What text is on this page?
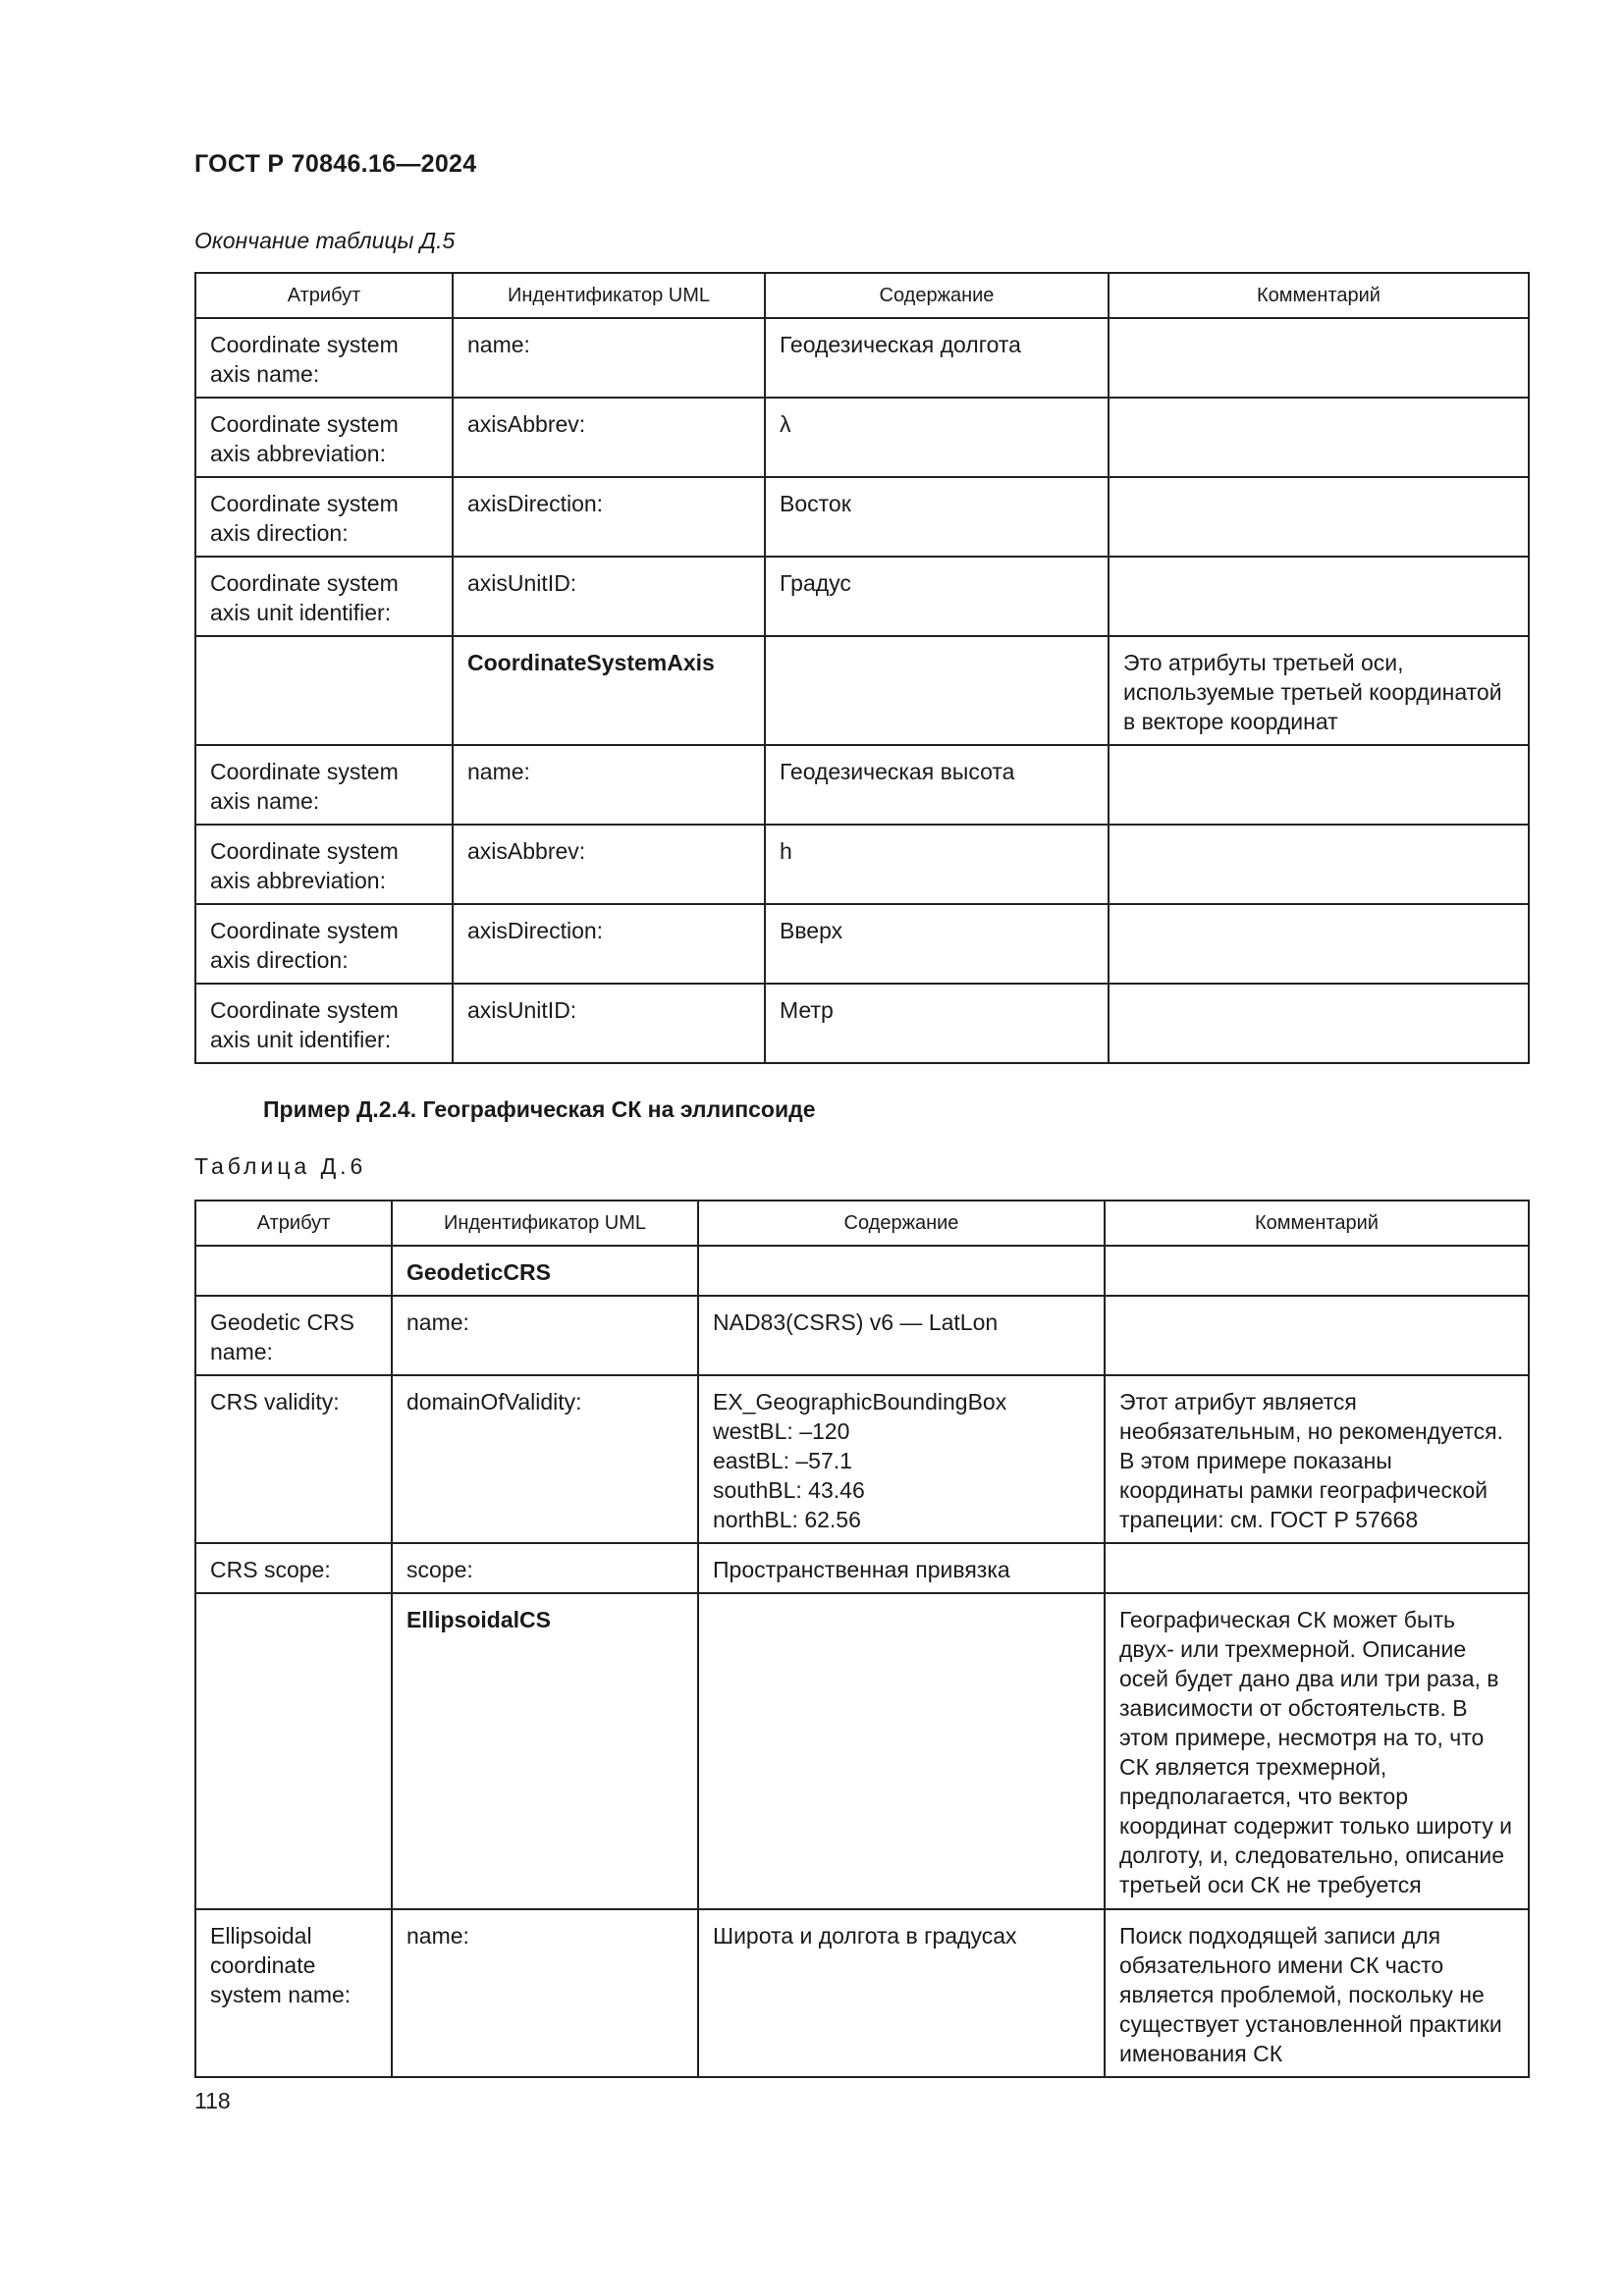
ГОСТ Р 70846.16—2024
Окончание таблицы Д.5
Атрибут	Индентификатор UML	Содержание	Комментарий
Coordinate system axis name:	name:	Геодезическая долгота	
Coordinate system axis abbreviation:	axisAbbrev:	λ	
Coordinate system axis direction:	axisDirection:	Восток	
Coordinate system axis unit identifier:	axisUnitID:	Градус	
	CoordinateSystemAxis		Это атрибуты третьей оси, используемые третьей координатой в векторе координат
Coordinate system axis name:	name:	Геодезическая высота	
Coordinate system axis abbreviation:	axisAbbrev:	h	
Coordinate system axis direction:	axisDirection:	Вверх	
Coordinate system axis unit identifier:	axisUnitID:	Метр	
Пример Д.2.4. Географическая СК на эллипсоиде
Таблица Д.6
Атрибут	Индентификатор UML	Содержание	Комментарий
	GeodeticCRS		
Geodetic CRS name:	name:	NAD83(CSRS) v6 — LatLon	
CRS validity:	domainOfValidity:	EX_GeographicBoundingBox
westBL: –120
eastBL: –57.1
southBL: 43.46
northBL: 62.56	Этот атрибут является необязательным, но рекомендуется. В этом примере показаны координаты рамки географической трапеции: см. ГОСТ Р 57668
CRS scope:	scope:	Пространственная привязка	
	EllipsoidalCS		Географическая СК может быть двух- или трехмерной. Описание осей будет дано два или три раза, в зависимости от обстоятельств. В этом примере, несмотря на то, что СК является трехмерной, предполагается, что вектор координат содержит только широту и долготу, и, следовательно, описание третьей оси СК не требуется
Ellipsoidal coordinate system name:	name:	Широта и долгота в градусах	Поиск подходящей записи для обязательного имени СК часто является проблемой, поскольку не существует установленной практики именования СК
118
